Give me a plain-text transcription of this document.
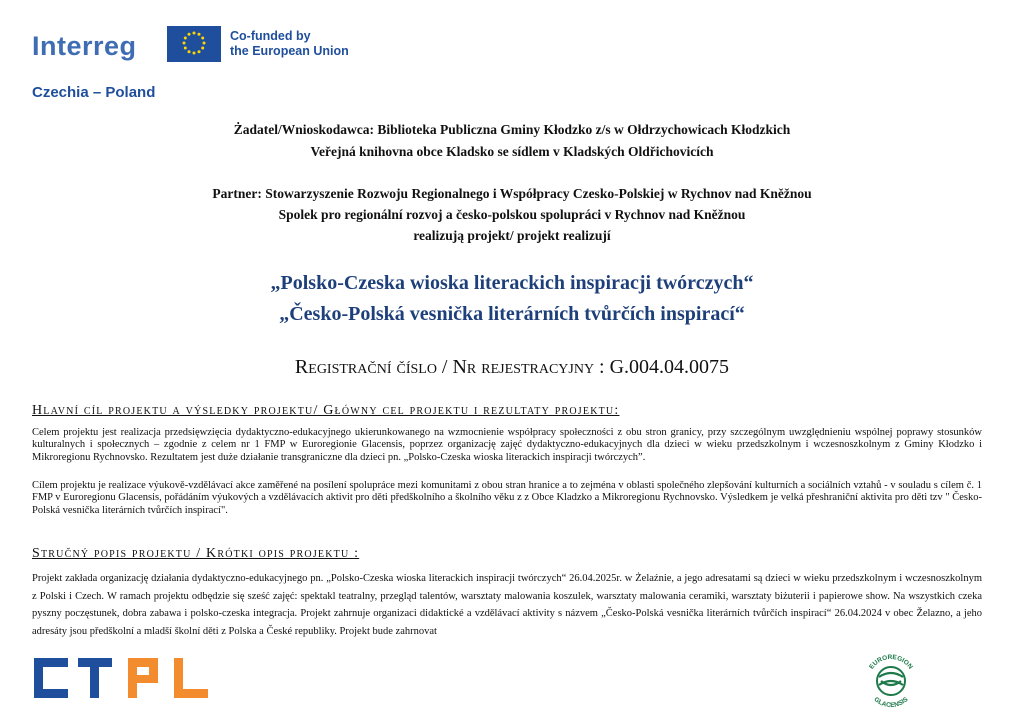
Interreg	Co-funded by
the European Union
Czechia – Poland
Żadatel/Wnioskodawca: Biblioteka Publiczna Gminy Kłodzko z/s w Ołdrzychowicach Kłodzkich
Veřejná knihovna obce Kladsko se sídlem v Kladských Oldřichovicích
Partner: Stowarzyszenie Rozwoju Regionalnego i Współpracy Czesko-Polskiej w Rychnov nad Kněžnou
Spolek pro regionální rozvoj a česko-polskou spolupráci v Rychnov nad Kněžnou
realizują projekt/ projekt realizují
„Polsko-Czeska wioska literackich inspiracji twórczych“
„Česko-Polská vesnička literárních tvůrčích inspirací“
Registrační číslo / Nr rejestracyjny : G.004.04.0075
Hlavní cíl projektu a výsledky projektu/ Główny cel projektu i rezultaty projektu:

Celem projektu jest realizacja przedsięwzięcia dydaktyczno-edukacyjnego ukierunkowanego na wzmocnienie współpracy społeczności z obu stron granicy, przy szczególnym uwzględnieniu wspólnej poprawy stosunków kulturalnych i społecznych – zgodnie z celem nr 1 FMP w Euroregionie Glacensis, poprzez organizację zajęć dydaktyczno-edukacyjnych dla dzieci w wieku przedszkolnym i wczesnoszkolnym z Gminy Kłodzko i Mikroregionu Rychnovsko. Rezultatem jest duże działanie transgraniczne dla dzieci pn. „Polsko-Czeska wioska literackich inspiracji twórczych”.

Cílem projektu je realizace výukově-vzdělávací akce zaměřené na posílení spolupráce mezi komunitami z obou stran hranice a to zejména v oblasti společného zlepšování kulturních a sociálních vztahů - v souladu s cílem č. 1 FMP v Euroregionu Glacensis, pořádáním výukových a vzdělávacích aktivit pro děti předškolního a školního věku z z Obce Kladzko a Mikroregionu Rychnovsko. Výsledkem je velká přeshraniční aktivita pro děti tzv " Česko-Polská vesnička literárních tvůrčích inspirací".

Stručný popis projektu / Krótki opis projektu :

Projekt zakłada organizację działania dydaktyczno-edukacyjnego pn. „Polsko-Czeska wioska literackich inspiracji twórczych“ 26.04.2025r. w Żelaźnie, a jego adresatami są dzieci w wieku przedszkolnym i wczesnoszkolnym z Polski i Czech. W ramach projektu odbędzie się sześć zajęć: spektakl teatralny, przegląd talentów, warsztaty malowania koszulek, warsztaty malowania ceramiki, warsztaty biżuterii i papierowe show. Na wszystkich czeka pyszny poczęstunek, dobra zabawa i polsko-czeska integracja. Projekt zahrnuje organizaci didaktické a vzdělávací aktivity s názvem „Česko-Polská vesnička literárních tvůrčích inspirací“ 26.04.2024 v obec Želazno, a jeho adresáty jsou předškolní a mladší školní děti z Polska a České republiky. Projekt bude zahrnovat

EUROREGION
GLACENSIS
